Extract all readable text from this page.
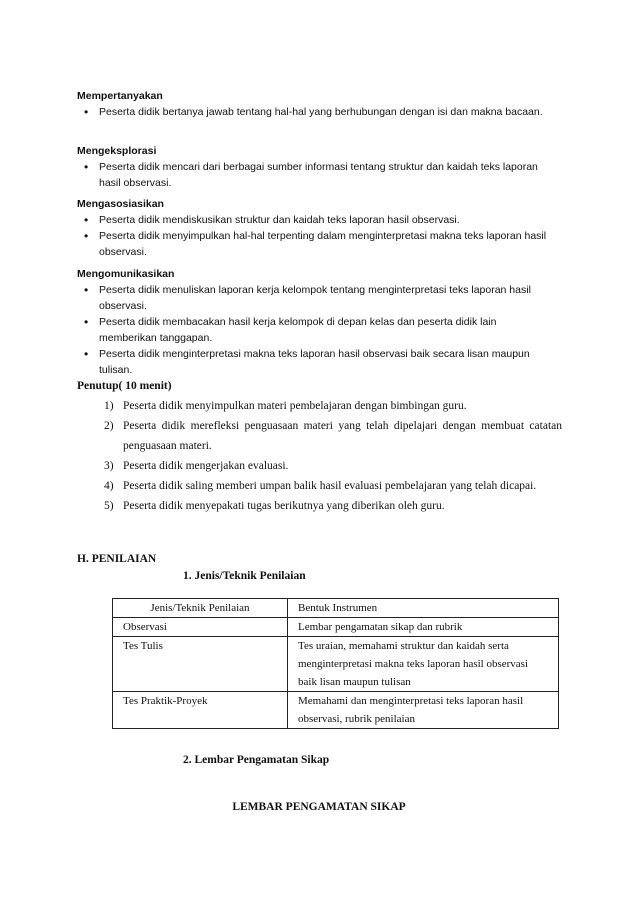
Mempertanyakan
• Peserta didik bertanya jawab tentang hal-hal yang berhubungan dengan isi dan makna bacaan.
Mengeksplorasi
• Peserta didik mencari dari berbagai sumber informasi tentang struktur dan kaidah teks laporan hasil observasi.
Mengasosiasikan
• Peserta didik mendiskusikan struktur dan kaidah teks laporan hasil observasi.
• Peserta didik menyimpulkan hal-hal terpenting dalam menginterpretasi makna teks laporan hasil observasi.
Mengomunikasikan
• Peserta didik menuliskan laporan kerja kelompok tentang menginterpretasi teks laporan hasil observasi.
• Peserta didik membacakan hasil kerja kelompok di depan kelas dan peserta didik lain memberikan tanggapan.
• Peserta didik menginterpretasi makna teks laporan hasil observasi baik secara lisan maupun tulisan.
Penutup( 10 menit)
1) Peserta didik menyimpulkan materi pembelajaran dengan bimbingan guru.
2) Peserta didik merefleksi penguasaan materi yang telah dipelajari dengan membuat catatan penguasaan materi.
3) Peserta didik mengerjakan evaluasi.
4) Peserta didik saling memberi umpan balik hasil evaluasi pembelajaran yang telah dicapai.
5) Peserta didik menyepakati tugas berikutnya yang diberikan oleh guru.
H. PENILAIAN
1. Jenis/Teknik Penilaian
Jenis/Teknik Penilaian	Bentuk Instrumen
Observasi	Lembar pengamatan sikap dan rubrik
Tes Tulis	Tes uraian, memahami struktur dan kaidah serta menginterpretasi makna teks laporan hasil observasi baik lisan maupun tulisan
Tes Praktik-Proyek	Memahami dan menginterpretasi teks laporan hasil observasi, rubrik penilaian
2. Lembar Pengamatan Sikap
LEMBAR PENGAMATAN SIKAP
